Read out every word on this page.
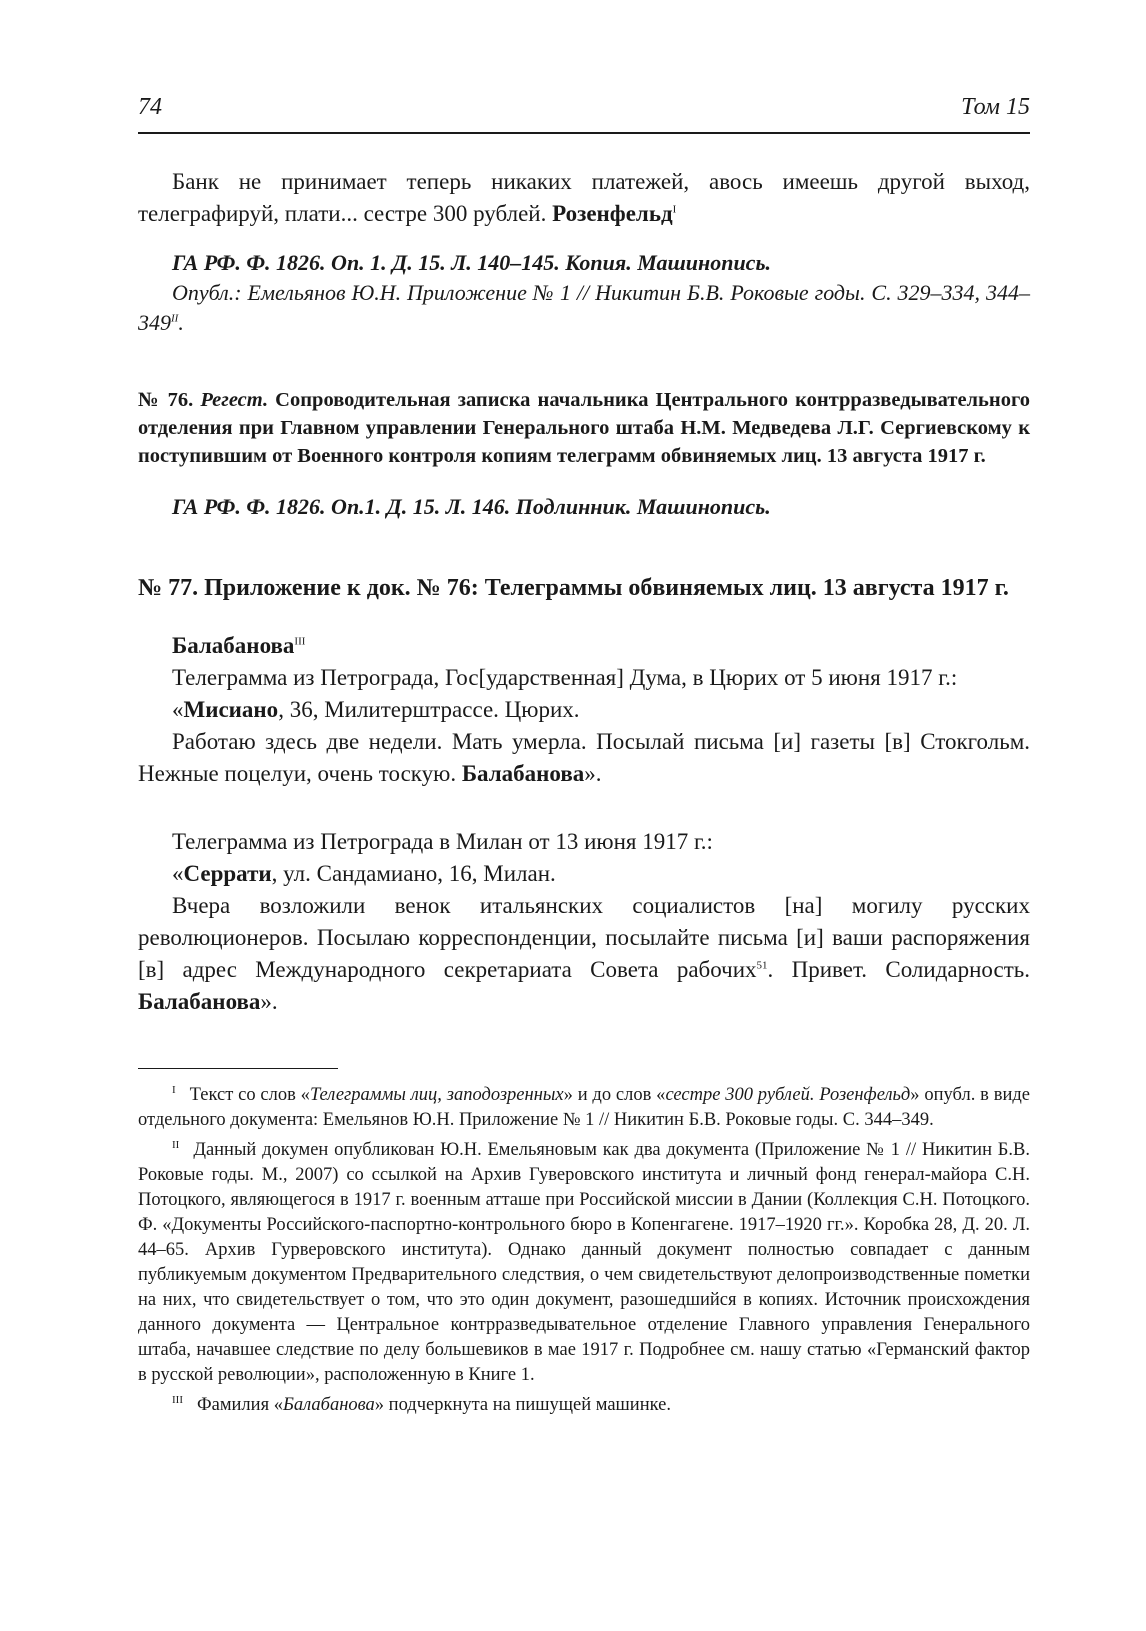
74	Том 15

Банк не принимает теперь никаких платежей, авось имеешь другой выход, телеграфируй, плати... сестре 300 рублей. Розенфельд$^I$

ГА РФ. Ф. 1826. Оп. 1. Д. 15. Л. 140–145. Копия. Машинопись.

Опубл.: Емельянов Ю.Н. Приложение № 1 // Никитин Б.В. Роковые годы. С. 329–334, $344-349^{II}$.

№ 76. Регест. Сопроводительная записка начальника Центрального контрразведывательного отделения при Главном управлении Генерального штаба Н.М. Медведева Л.Г. Сергиевскому к поступившим от Военного контроля копиям телеграмм обвиняемых лиц. 13 августа 1917 г.

ГА РФ. Ф. 1826. Оп.1. Д. 15. Л. 146. Подлинник. Машинопись.

№ 77. Приложение к док. № 76: Телеграммы обвиняемых лиц. 13 августа 1917 г.

Балабанова$^{III}$

Телеграмма из Петрограда, Гос[ударственная] Дума, в Цюрих от 5 июня 1917 г.:

«Мисиано, 36, Милитерштрассе. Цюрих.

Работаю здесь две недели. Мать умерла. Посылай письма [и] газеты [в] Стокгольм. Нежные поцелуи, очень тоскую. Балабанова».

Телеграмма из Петрограда в Милан от 13 июня 1917 г.:

«Серрати, ул. Сандамиано, 16, Милан.

Вчера возложили венок итальянских социалистов [на] могилу русских революционеров. Посылаю корреспонденции, посылайте письма [и] ваши распоряжения [в] адрес Международного секретариата Совета рабочих$^{51}$. Привет. Солидарность. Балабанова».

$^I$ Текст со слов «Телеграммы лиц, заподозренных» и до слов «сестре 300 рублей. Розенфельд» опубл. в виде отдельного документа: Емельянов Ю.Н. Приложение № 1 // Никитин Б.В. Роковые годы. С. 344–349.

$^{II}$ Данный докумен опубликован Ю.Н. Емельяновым как два документа (Приложение № 1 // Никитин Б.В. Роковые годы. М., 2007) со ссылкой на Архив Гуверовского института и личный фонд генерал-майора С.Н. Потоцкого, являющегося в 1917 г. военным атташе при Российской миссии в Дании (Коллекция С.Н. Потоцкого. Ф. «Документы Российского-паспортно-контрольного бюро в Копенгагене. 1917–1920 гг.». Коробка 28, Д. 20. Л. 44–65. Архив Гурверовского института). Однако данный документ полностью совпадает с данным публикуемым документом Предварительного следствия, о чем свидетельствуют делопроизводственные пометки на них, что свидетельствует о том, что это один документ, разошедшийся в копиях. Источник происхождения данного документа — Центральное контрразведывательное отделение Главного управления Генерального штаба, начавшее следствие по делу большевиков в мае 1917 г. Подробнее см. нашу статью «Германский фактор в русской революции», расположенную в Книге 1.

$^{III}$ Фамилия «Балабанова» подчеркнута на пишущей машинке.
